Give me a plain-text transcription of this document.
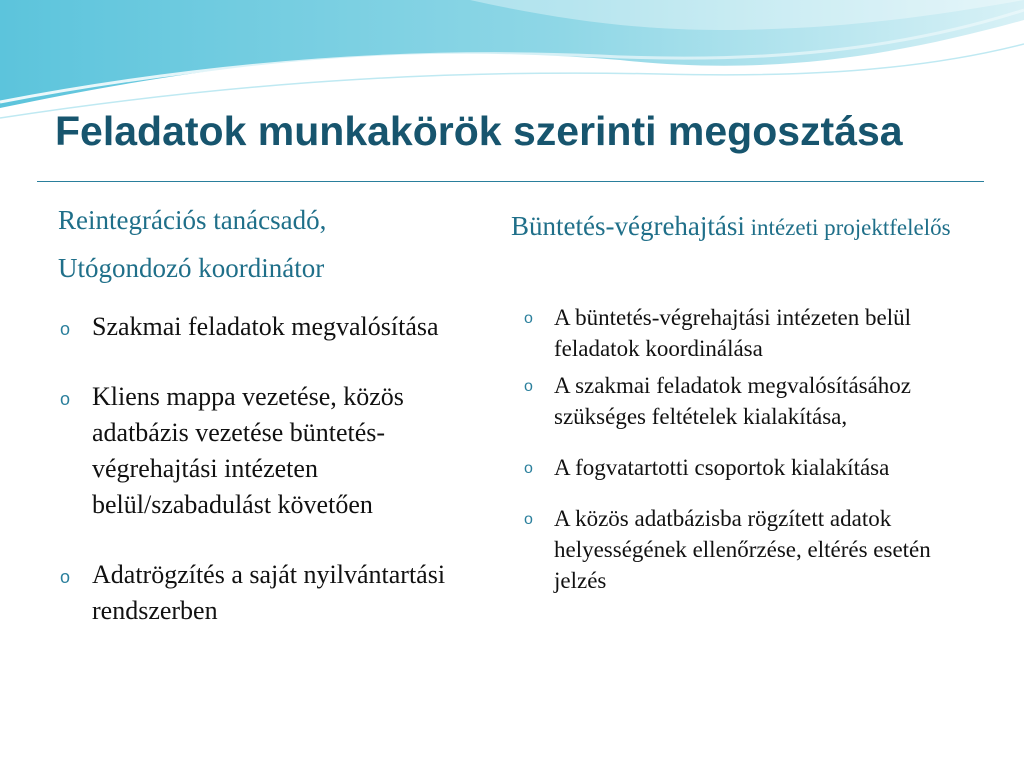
Feladatok munkakörök szerinti megosztása
Reintegrációs tanácsadó,
Utógondozó koordinátor
Büntetés-végrehajtási intézeti projektfelelős
o Szakmai feladatok megvalósítása
o Kliens mappa vezetése, közös adatbázis vezetése büntetés-végrehajtási intézeten belül/szabadulást követően
o Adatrögzítés a saját nyilvántartási rendszerben
o A büntetés-végrehajtási intézeten belül feladatok koordinálása
o A szakmai feladatok megvalósításához szükséges feltételek kialakítása,
o A fogvatartotti csoportok kialakítása
o A közös adatbázisba rögzített adatok helyességének ellenőrzése, eltérés esetén jelzés
